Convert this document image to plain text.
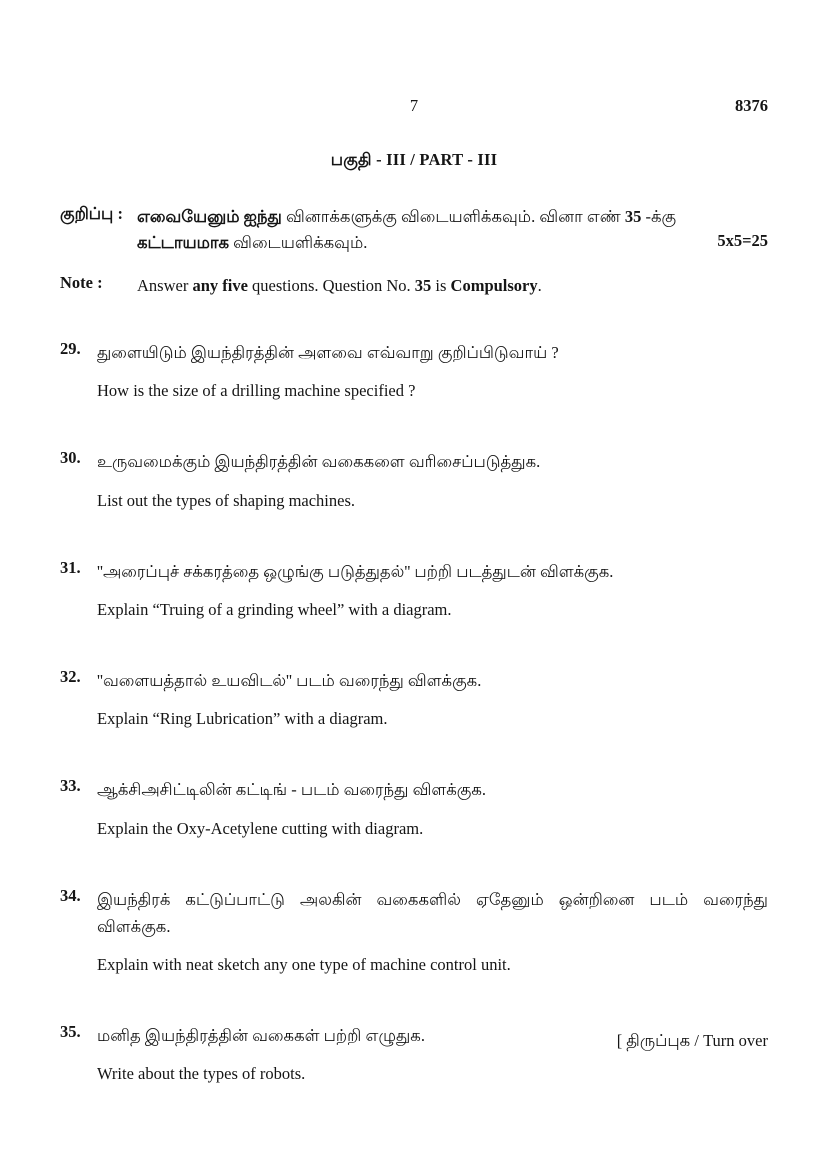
7	8376
பகுதி - III / PART - III
குறிப்பு : எவையேனும் ஐந்து வினாக்களுக்கு விடையளிக்கவும். வினா எண் 35 -க்கு
கட்டாயமாக விடையளிக்கவும்.	5x5=25
Note :	Answer any five questions. Question No. 35 is Compulsory.
29. துளையிடும் இயந்திரத்தின் அளவை எவ்வாறு குறிப்பிடுவாய் ?

How is the size of a drilling machine specified ?

30. உருவமைக்கும் இயந்திரத்தின் வகைகளை வரிசைப்படுத்துக.

List out the types of shaping machines.

31. ''அரைப்புச் சக்கரத்தை ஒழுங்கு படுத்துதல்'' பற்றி படத்துடன் விளக்குக.

Explain “Truing of a grinding wheel” with a diagram.

32. ''வளையத்தால் உயவிடல்'' படம் வரைந்து விளக்குக.

Explain “Ring Lubrication” with a diagram.

33. ஆக்சிஅசிட்டிலின் கட்டிங் - படம் வரைந்து விளக்குக.

Explain the Oxy-Acetylene cutting with diagram.

34. இயந்திரக் கட்டுப்பாட்டு அலகின் வகைகளில் ஏதேனும் ஒன்றினை படம் வரைந்து விளக்குக.

Explain with neat sketch any one type of machine control unit.

35. மனித இயந்திரத்தின் வகைகள் பற்றி எழுதுக.

Write about the types of robots.

[ திருப்புக / Turn over
